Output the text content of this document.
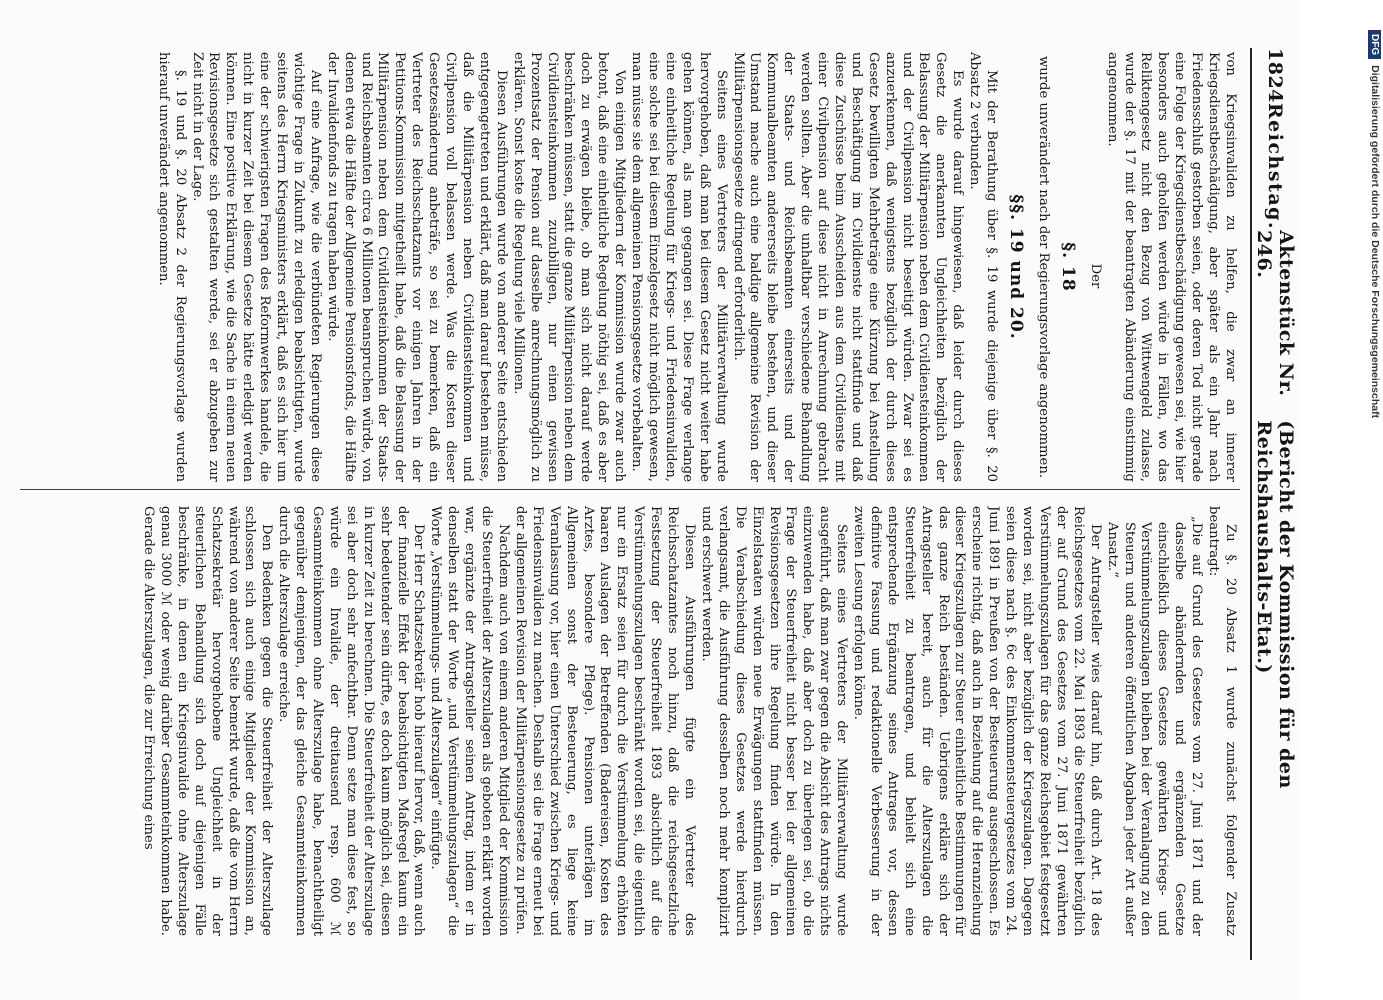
1824
Reichstag.
Aktenstück Nr. 246.
(Bericht der Kommission für den Reichshaushalts-Etat.)

von Kriegsinvaliden zu helfen, die zwar an innerer Kriegsdienstbeschädigung, aber später als ein Jahr nach Friedensschluß gestorben seien, oder deren Tod nicht gerade eine Folge der Kriegsdienstbeschädigung gewesen sei, wie hier besonders auch geholfen werden würde in Fällen, wo das Reliktengesetz nicht den Bezug von Wittwengeld zulasse, wurde der §. 17 mit der beantragten Abänderung einstimmig angenommen.

Der

§. 18

wurde unverändert nach der Regierungsvorlage angenommen.

§§. 19 und 20.

Mit der Berathung über §. 19 wurde diejenige über §. 20 Absatz 2 verbunden.

Es wurde darauf hingewiesen, daß leider durch dieses Gesetz die anerkannten Ungleichheiten bezüglich der Belassung der Militärpension neben dem Civildiensteinkommen und der Civilpension nicht beseitigt würden. Zwar sei es anzuerkennen, daß wenigstens bezüglich der durch dieses Gesetz bewilligten Mehrbeträge eine Kürzung bei Anstellung und Beschäftigung im Civildienste nicht stattfinde und daß diese Zuschüsse beim Ausscheiden aus dem Civildienste mit einer Civilpension auf diese nicht in Anrechnung gebracht werden sollten. Aber die unhaltbar verschiedene Behandlung der Staats- und Reichsbeamten einerseits und der Kommunalbeamten andererseits bleibe bestehen, und dieser Umstand mache auch eine baldige allgemeine Revision der Militärpensionsgesetze dringend erforderlich.

Seitens eines Vertreters der Militärverwaltung wurde hervorgehoben, daß man bei diesem Gesetz nicht weiter habe gehen können, als man gegangen sei. Diese Frage verlange eine einheitliche Regelung für Kriegs- und Friedensinvaliden, eine solche sei bei diesem Einzelgesetz nicht möglich gewesen, man müsse sie dem allgemeinen Pensionsgesetze vorbehalten.

Von einigen Mitgliedern der Kommission wurde zwar auch betont, daß eine einheitliche Regelung nöthig sei, daß es aber doch zu erwägen bleibe, ob man sich nicht darauf werde beschränken müssen, statt die ganze Militärpension neben dem Civildiensteinkommen zuzubilligen, nur einen gewissen Prozentsatz der Pension auf dasselbe anrechnungsmöglich zu erklären. Sonst koste die Regelung viele Millionen.

Diesen Ausführungen wurde von anderer Seite entschieden entgegengetreten und erklärt, daß man darauf bestehen müsse, daß die Militärpension neben Civildiensteinkommen und Civilpension voll belassen werde. Was die Kosten dieser Gesetzesänderung anbeträfe, so sei zu bemerken, daß ein Vertreter des Reichsschatzamts vor einigen Jahren in der Petitions-Kommission mitgetheilt habe, daß die Belassung der Militärpension neben dem Civildiensteinkommen der Staats- und Reichsbeamten circa 6 Millionen beanspruchen würde, von denen etwa die Hälfte der Allgemeine Pensionsfonds, die Hälfte der Invalidenfonds zu tragen haben würde.

Auf eine Anfrage, wie die verbündeten Regierungen diese wichtige Frage in Zukunft zu erledigen beabsichtigten, wurde seitens des Herrn Kriegsministers erklärt, daß es sich hier um eine der schwierigsten Fragen des Reformwerkes handele, die nicht in kurzer Zeit bei diesem Gesetze hätte erledigt werden können. Eine positive Erklärung, wie die Sache in einem neuen Revisionsgesetze sich gestalten werde, sei er abzugeben zur Zeit nicht in der Lage.

§. 19 und §. 20 Absatz 2 der Regierungsvorlage wurden hierauf unverändert angenommen.

Zu §. 20 Absatz 1 wurde zunächst folgender Zusatz beantragt:

„Die auf Grund des Gesetzes vom 27. Juni 1871 und der dasselbe abändernden und ergänzenden Gesetze einschließlich dieses Gesetzes gewährten Kriegs- und Verstümmelungszulagen bleiben bei der Veranlagung zu den Steuern und anderen öffentlichen Abgaben jeder Art außer Ansatz.“

Der Antragsteller wies darauf hin, daß durch Art. 18 des Reichsgesetzes vom 22. Mai 1893 die Steuerfreiheit bezüglich der auf Grund des Gesetzes vom 27. Juni 1871 gewährten Verstümmelungszulagen für das ganze Reichsgebiet festgesetzt worden sei, nicht aber bezüglich der Kriegszulagen. Dagegen seien diese nach §. 6c des Einkommensteuergesetzes vom 24. Juni 1891 in Preußen von der Besteuerung ausgeschlossen. Es erscheine richtig, daß auch in Beziehung auf die Heranziehung dieser Kriegszulagen zur Steuer einheitliche Bestimmungen für das ganze Reich beständen. Uebrigens erkläre sich der Antragsteller bereit, auch für die Alterszulagen die Steuerfreiheit zu beantragen, und behielt sich eine entsprechende Ergänzung seines Antrages vor, dessen definitive Fassung und redaktionelle Verbesserung in der zweiten Lesung erfolgen könne.

Seitens eines Vertreters der Militärverwaltung wurde ausgeführt, daß man zwar gegen die Absicht des Antrags nichts einzuwenden habe, daß aber doch zu überlegen sei, ob die Frage der Steuerfreiheit nicht besser bei der allgemeinen Revisionsgesetzen ihre Regelung finden würde. In den Einzelstaaten würden neue Erwägungen stattfinden müssen. Die Verabschiedung dieses Gesetzes werde hierdurch verlangsamt, die Ausführung desselben noch mehr komplizirt und erschwert werden.

Diesen Ausführungen fügte ein Vertreter des Reichsschatzamtes noch hinzu, daß die reichsgesetzliche Festsetzung der Steuerfreiheit 1893 absichtlich auf die Verstümmelungszulagen beschränkt worden sei, die eigentlich nur ein Ersatz seien für durch die Verstümmelung erhöhten baaren Auslagen der Betreffenden (Badereisen, Kosten des Arztes, besondere Pflege). Pensionen unterlägen im Allgemeinen sonst der Besteuerung, es liege keine Veranlassung vor, hier einen Unterschied zwischen Kriegs- und Friedensinvaliden zu machen. Deshalb sei die Frage erneut bei der allgemeinen Revision der Militärpensionsgesetze zu prüfen.

Nachdem auch von einem anderen Mitglied der Kommission die Steuerfreiheit der Alterszulagen als geboten erklärt worden war, ergänzte der Antragsteller seinen Antrag, indem er in denselben statt der Worte „und Verstümmelungszulagen“ die Worte „Verstümmelungs- und Alterszulagen“ einfügte.

Der Herr Schatzsekretär hob hierauf hervor, daß, wenn auch der finanzielle Effekt der beabsichtigten Maßregel kaum ein sehr bedeutender sein dürfte, es doch kaum möglich sei, diesen in kurzer Zeit zu berechnen. Die Steuerfreiheit der Alterszulage sei aber doch sehr anfechtbar. Denn setze man diese fest, so würde ein Invalide, der dreitausend resp. 600 ℳ Gesammteinkommen ohne Alterszulage habe, benachtheiligt gegenüber demjenigen, der das gleiche Gesammteinkommen durch die Alterszulage erreiche.

Den Bedenken gegen die Steuerfreiheit der Alterszulage schlossen sich auch einige Mitglieder der Kommission an, während von anderer Seite bemerkt wurde, daß die vom Herrn Schatzsekretär hervorgehobene Ungleichheit in der steuerlichen Behandlung sich doch auf diejenigen Fälle beschränke, in denen ein Kriegsinvalide ohne Alterszulage genau 3000 ℳ oder wenig darüber Gesammteinkommen habe. Gerade die Alterszulagen, die zur Erreichung eines

DFG
Digitalisierung gefördert durch die Deutsche Forschungsgemeinschaft
